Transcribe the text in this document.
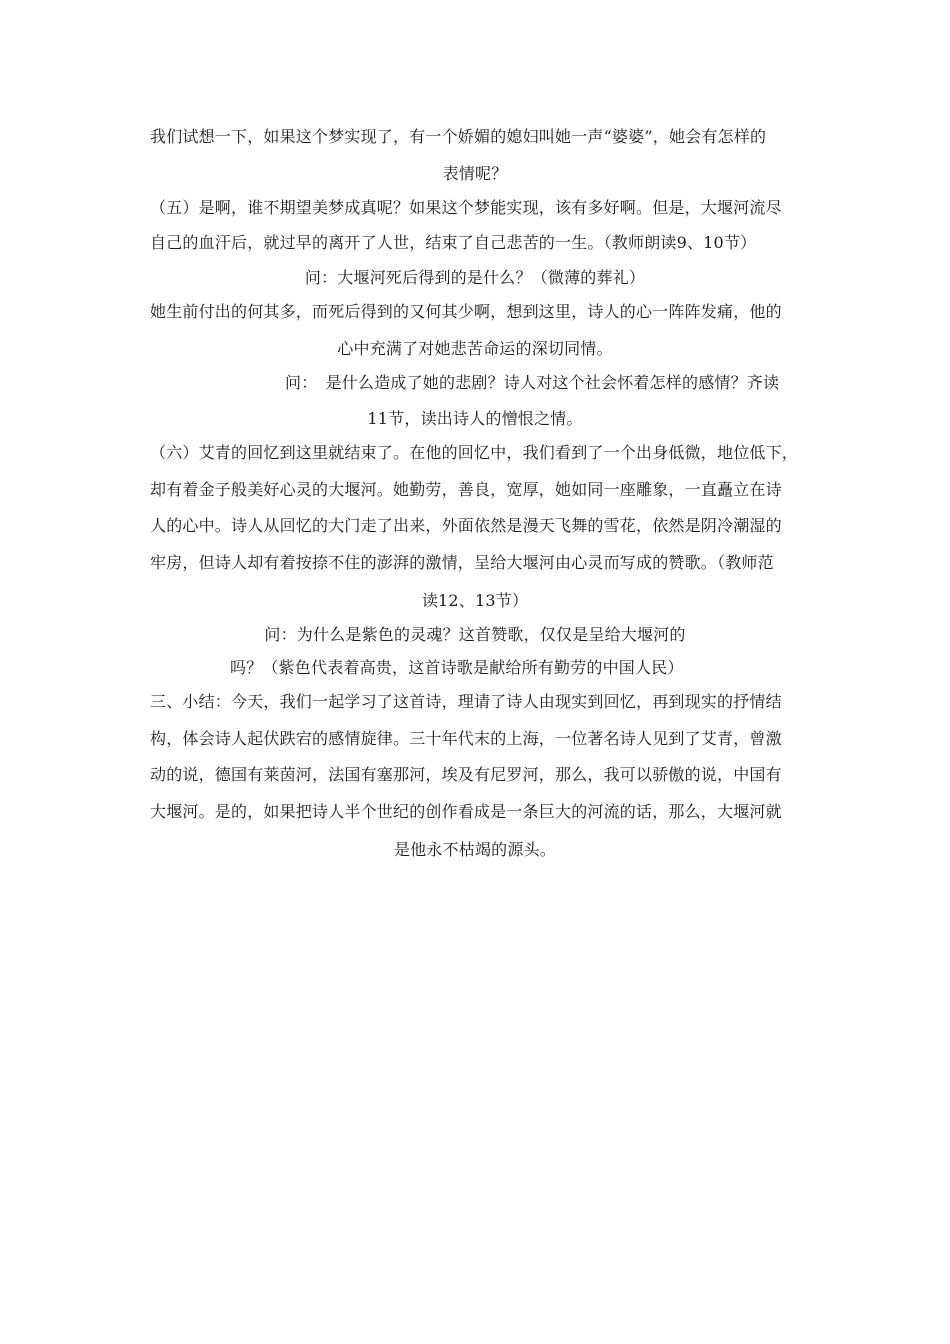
我们试想一下，如果这个梦实现了，有一个娇媚的媳妇叫她一声“婆婆”，她会有怎样的
表情呢？
（五）是啊，谁不期望美梦成真呢？如果这个梦能实现，该有多好啊。但是，大堰河流尽
自己的血汗后，就过早的离开了人世，结束了自己悲苦的一生。（教师朗读9、10节）
问：大堰河死后得到的是什么？（微薄的葬礼）
她生前付出的何其多，而死后得到的又何其少啊，想到这里，诗人的心一阵阵发痛，他的
心中充满了对她悲苦命运的深切同情。
问：　是什么造成了她的悲剧？诗人对这个社会怀着怎样的感情？齐读
11节，读出诗人的憎恨之情。
（六）艾青的回忆到这里就结束了。在他的回忆中，我们看到了一个出身低微，地位低下，
却有着金子般美好心灵的大堰河。她勤劳，善良，宽厚，她如同一座雕象，一直矗立在诗
人的心中。诗人从回忆的大门走了出来，外面依然是漫天飞舞的雪花，依然是阴冷潮湿的
牢房，但诗人却有着按捺不住的澎湃的激情，呈给大堰河由心灵而写成的赞歌。（教师范
读12、13节）
问：为什么是紫色的灵魂？这首赞歌，仅仅是呈给大堰河的
吗？（紫色代表着高贵，这首诗歌是献给所有勤劳的中国人民）
三、小结：今天，我们一起学习了这首诗，理请了诗人由现实到回忆，再到现实的抒情结
构，体会诗人起伏跌宕的感情旋律。三十年代末的上海，一位著名诗人见到了艾青，曾激
动的说，德国有莱茵河，法国有塞那河，埃及有尼罗河，那么，我可以骄傲的说，中国有
大堰河。是的，如果把诗人半个世纪的创作看成是一条巨大的河流的话，那么，大堰河就
是他永不枯竭的源头。
